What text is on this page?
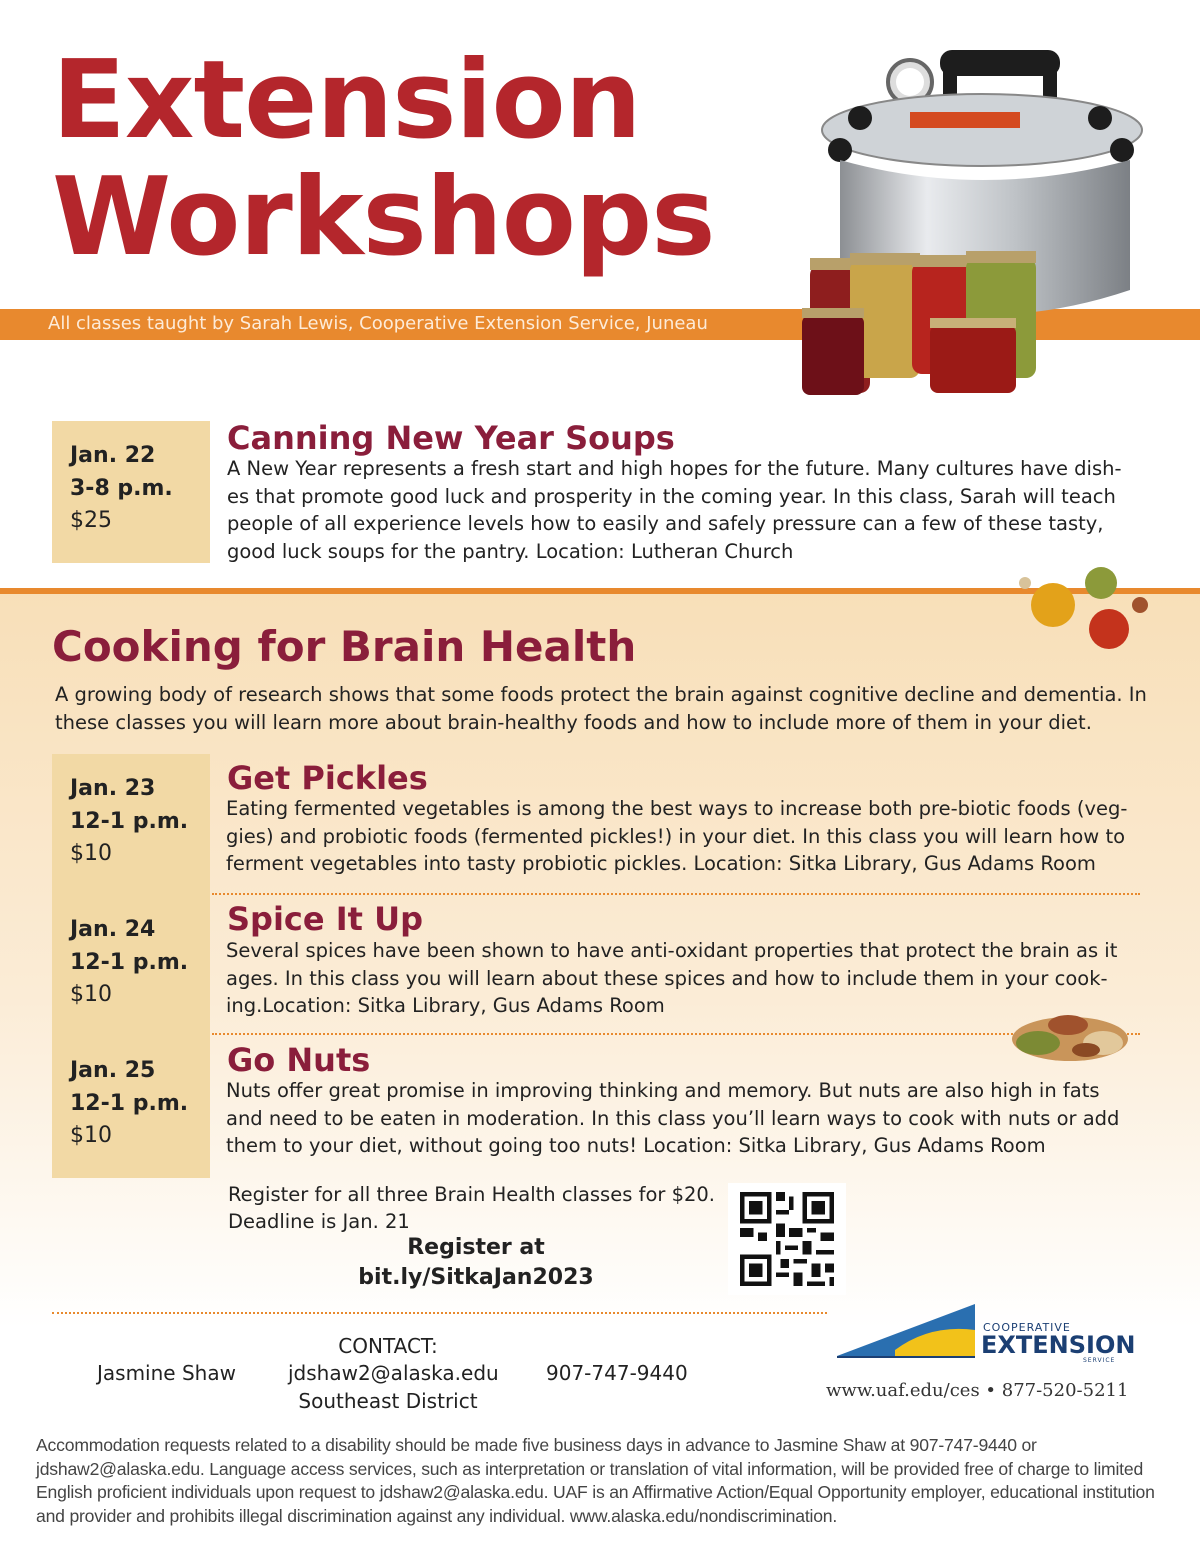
Extension
Workshops
All classes taught by Sarah Lewis, Cooperative Extension Service, Juneau
Jan. 22
3-8 p.m.
$25
Canning New Year Soups
A New Year represents a fresh start and high hopes for the future. Many cultures have dish-es that promote good luck and prosperity in the coming year. In this class, Sarah will teach people of all experience levels how to easily and safely pressure can a few of these tasty, good luck soups for the pantry. Location: Lutheran Church
Cooking for Brain Health
A growing body of research shows that some foods protect the brain against cognitive decline and dementia. In these classes you will learn more about brain-healthy foods and how to include more of them in your diet.
Jan. 23
12-1 p.m.
$10
Get Pickles
Eating fermented vegetables is among the best ways to increase both pre-biotic foods (veg-gies) and probiotic foods (fermented pickles!) in your diet. In this class you will learn how to ferment vegetables into tasty probiotic pickles. Location: Sitka Library, Gus Adams Room
Jan. 24
12-1 p.m.
$10
Spice It Up
Several spices have been shown to have anti-oxidant properties that protect the brain as it ages. In this class you will learn about these spices and how to include them in your cook-ing.Location: Sitka Library, Gus Adams Room
Jan. 25
12-1 p.m.
$10
Go Nuts
Nuts offer great promise in improving thinking and memory. But nuts are also high in fats and need to be eaten in moderation. In this class you’ll learn ways to cook with nuts or add them to your diet, without going too nuts! Location: Sitka Library, Gus Adams Room
Register for all three Brain Health classes for $20.
Deadline is Jan. 21
Register at
bit.ly/SitkaJan2023
CONTACT:
Jasmine Shaw	jdshaw2@alaska.edu 907-747-9440
Southeast District
COOPERATIVE
EXTENSION
SERVICE
www.uaf.edu/ces • 877-520-5211
Accommodation requests related to a disability should be made five business days in advance to Jasmine Shaw at 907-747-9440 or jdshaw2@alaska.edu. Language access services, such as interpretation or translation of vital information, will be provided free of charge to limited English proficient individuals upon request to jdshaw2@alaska.edu. UAF is an Affirmative Action/Equal Opportunity employer, educational institution and provider and prohibits illegal discrimination against any individual. www.alaska.edu/nondiscrimination.
